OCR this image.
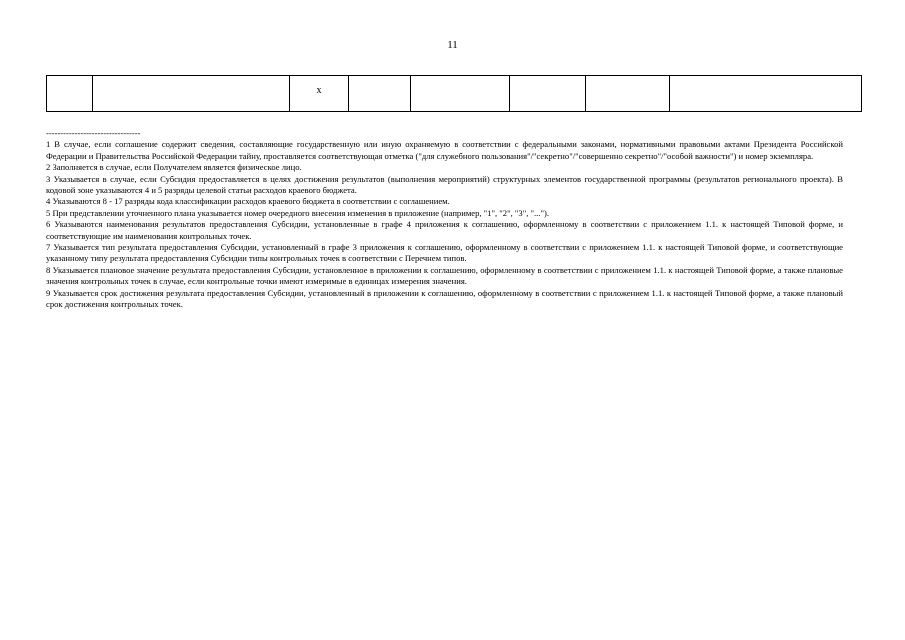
11
		x					
---------------------------------

1 В случае, если соглашение содержит сведения, составляющие государственную или иную охраняемую в соответствии с федеральными законами, нормативными правовыми актами Президента Российской Федерации и Правительства Российской Федерации тайну, проставляется соответствующая отметка ("для служебного пользования"/"секретно"/"совершенно секретно"/"особой важности") и номер экземпляра.

2 Заполняется в случае, если Получателем является физическое лицо.

3 Указывается в случае, если Субсидия предоставляется в целях достижения результатов (выполнения мероприятий) структурных элементов государственной программы (результатов регионального проекта). В кодовой зоне указываются 4 и 5 разряды целевой статьи расходов краевого бюджета.

4 Указываются 8 - 17 разряды кода классификации расходов краевого бюджета в соответствии с соглашением.

5 При представлении уточненного плана указывается номер очередного внесения изменения в приложение (например, "1", "2", "3", "...").

6 Указываются наименования результатов предоставления Субсидии, установленные в графе 4 приложения к соглашению, оформленному в соответствии с приложением 1.1. к настоящей Типовой форме, и соответствующие им наименования контрольных точек.

7 Указывается тип результата предоставления Субсидии, установленный в графе 3 приложения к соглашению, оформленному в соответствии с приложением 1.1. к настоящей Типовой форме, и соответствующие указанному типу результата предоставления Субсидии типы контрольных точек в соответствии с Перечнем типов.

8 Указывается плановое значение результата предоставления Субсидии, установленное в приложении к соглашению, оформленному в соответствии с приложением 1.1. к настоящей Типовой форме, а также плановые значения контрольных точек в случае, если контрольные точки имеют измеримые в единицах измерения значения.

9 Указывается срок достижения результата предоставления Субсидии, установленный в приложении к соглашению, оформленному в соответствии с приложением 1.1. к настоящей Типовой форме, а также плановый срок достижения контрольных точек.
